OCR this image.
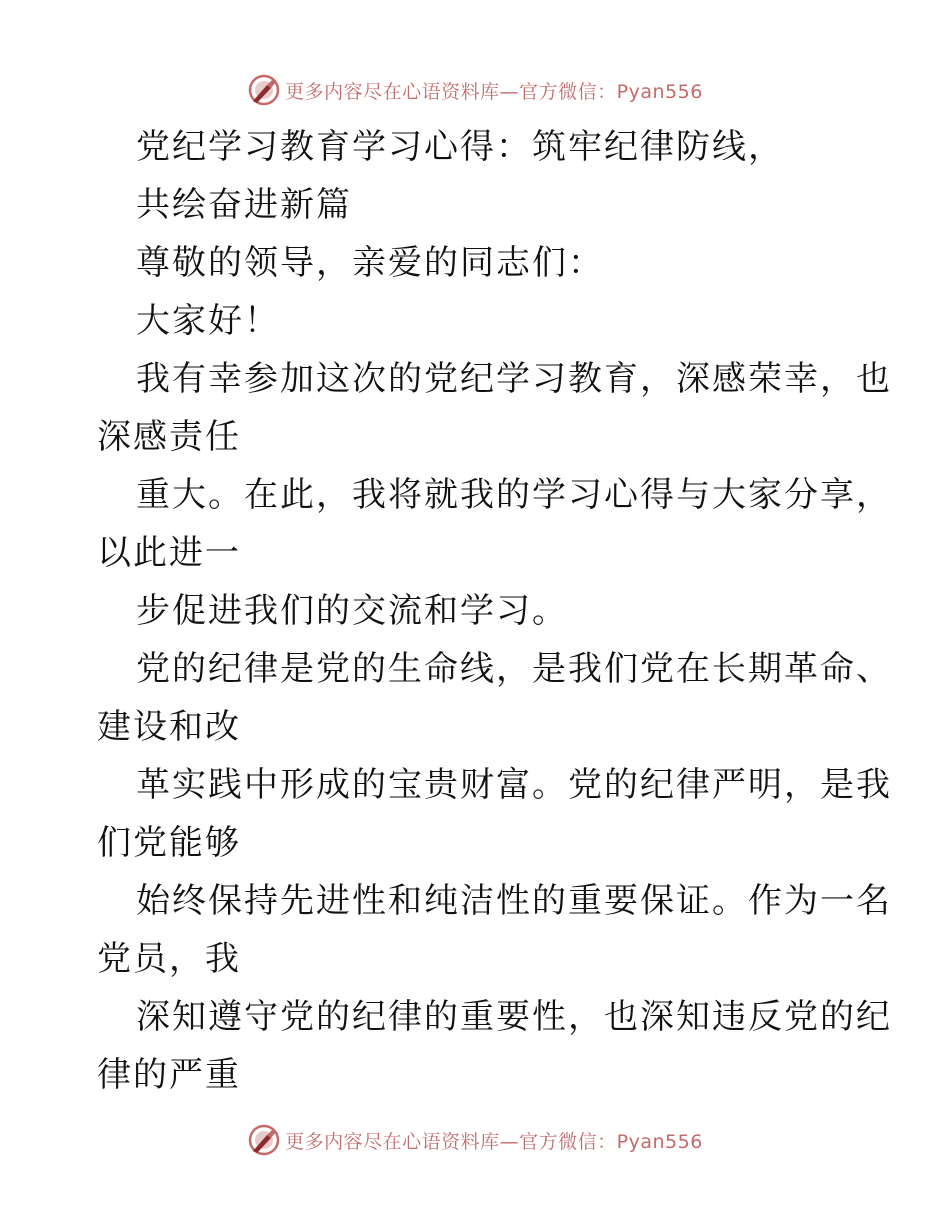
更多内容尽在心语资料库—官方微信：Pyan556
党纪学习教育学习心得：筑牢纪律防线，
共绘奋进新篇
尊敬的领导，亲爱的同志们：
大家好！
我有幸参加这次的党纪学习教育，深感荣幸，也
深感责任
重大。在此，我将就我的学习心得与大家分享，
以此进一
步促进我们的交流和学习。
党的纪律是党的生命线，是我们党在长期革命、
建设和改
革实践中形成的宝贵财富。党的纪律严明，是我
们党能够
始终保持先进性和纯洁性的重要保证。作为一名
党员，我
深知遵守党的纪律的重要性，也深知违反党的纪
律的严重
更多内容尽在心语资料库—官方微信：Pyan556
